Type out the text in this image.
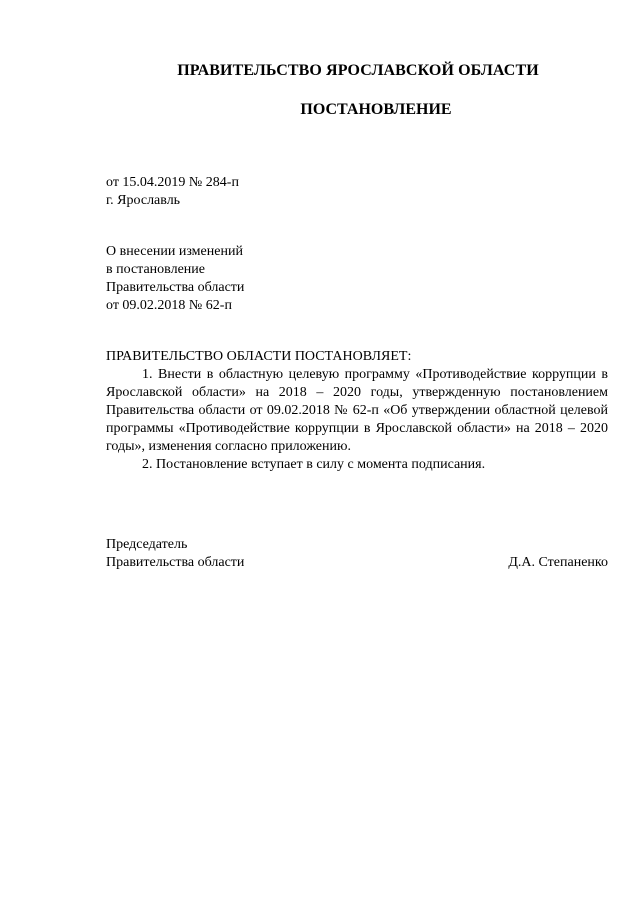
ПРАВИТЕЛЬСТВО ЯРОСЛАВСКОЙ ОБЛАСТИ
ПОСТАНОВЛЕНИЕ
от 15.04.2019 № 284-п
г. Ярославль
О внесении изменений
в постановление
Правительства области
от 09.02.2018 № 62-п

ПРАВИТЕЛЬСТВО ОБЛАСТИ ПОСТАНОВЛЯЕТ:

1. Внести в областную целевую программу «Противодействие коррупции в Ярославской области» на 2018 – 2020 годы, утвержденную постановлением Правительства области от 09.02.2018 № 62-п «Об утверждении областной целевой программы «Противодействие коррупции в Ярославской области» на 2018 – 2020 годы», изменения согласно приложению.

2. Постановление вступает в силу с момента подписания.

Председатель
Правительства области	Д.А. Степаненко
